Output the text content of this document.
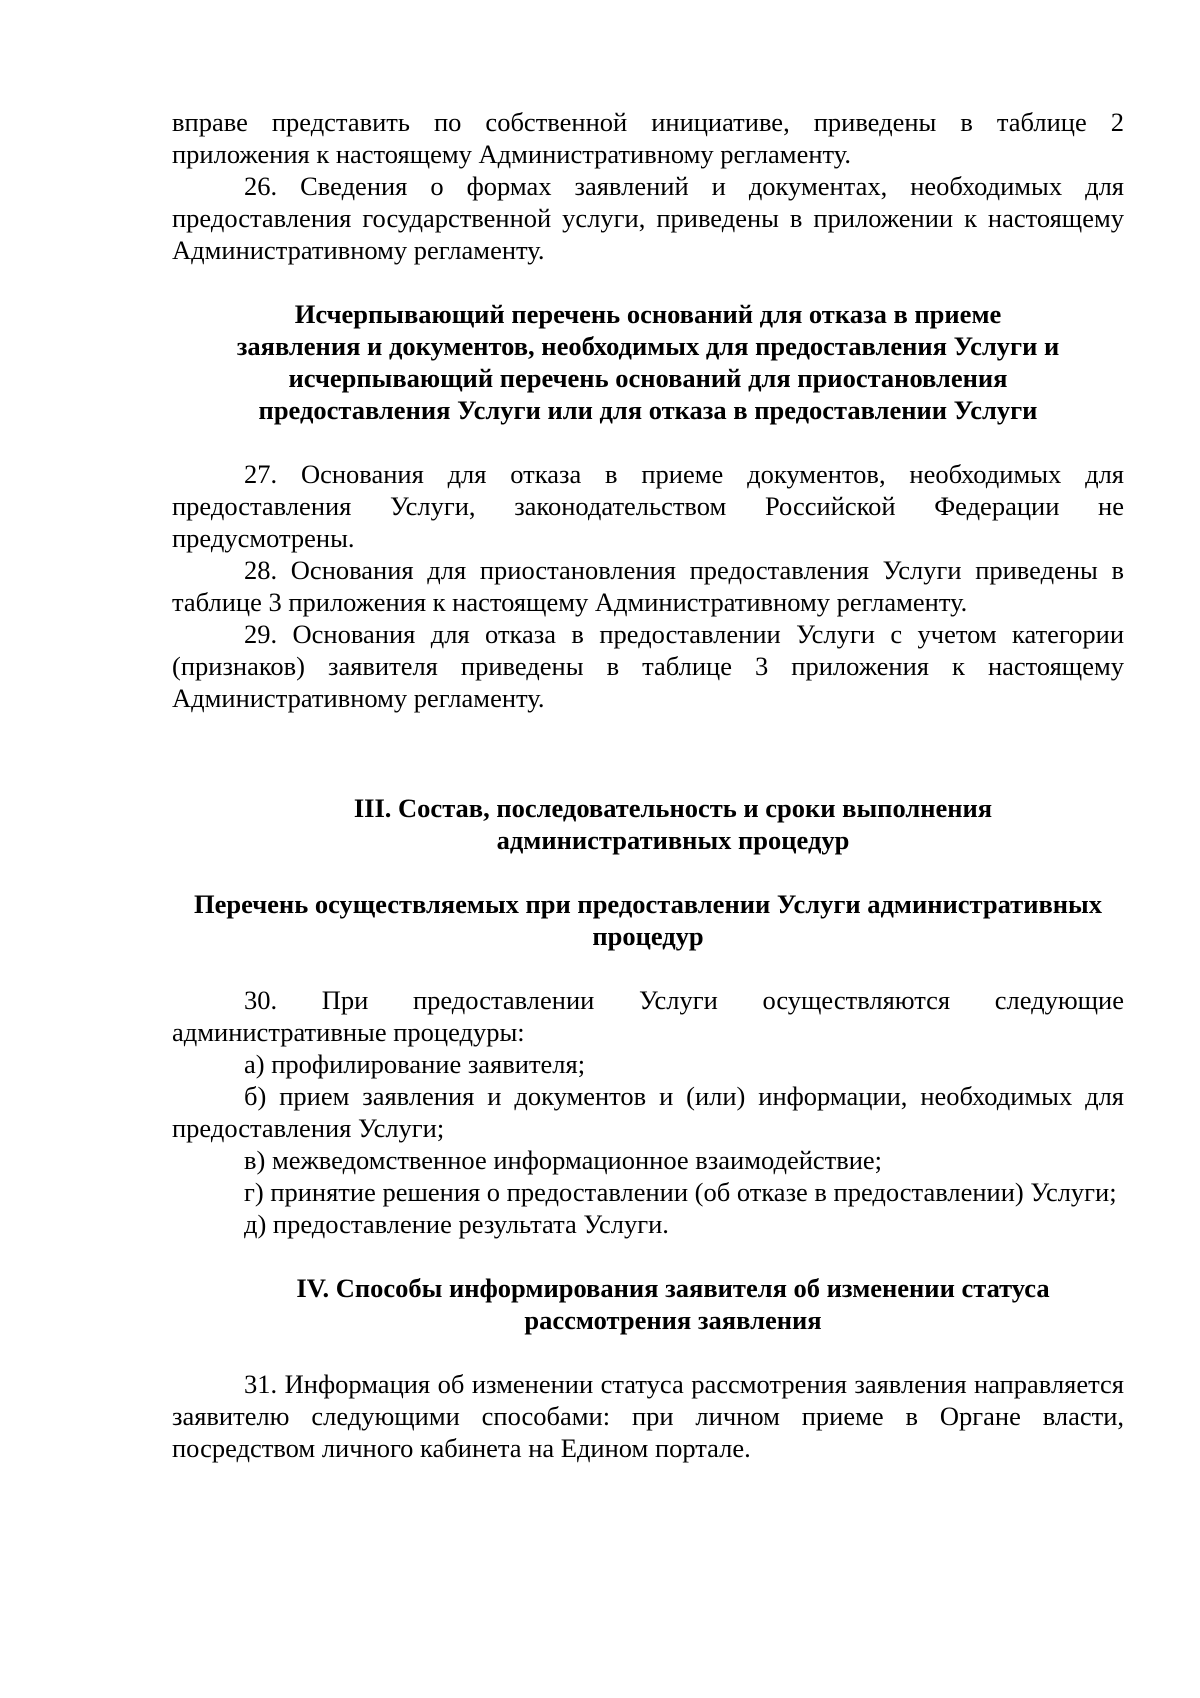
вправе представить по собственной инициативе, приведены в таблице 2 приложения к настоящему Административному регламенту.

26. Сведения о формах заявлений и документах, необходимых для предоставления государственной услуги, приведены в приложении к настоящему Административному регламенту.

Исчерпывающий перечень оснований для отказа в приеме
заявления и документов, необходимых для предоставления Услуги и
исчерпывающий перечень оснований для приостановления
предоставления Услуги или для отказа в предоставлении Услуги

27. Основания для отказа в приеме документов, необходимых для предоставления Услуги, законодательством Российской Федерации не предусмотрены.

28. Основания для приостановления предоставления Услуги приведены в таблице 3 приложения к настоящему Административному регламенту.

29. Основания для отказа в предоставлении Услуги с учетом категории (признаков) заявителя приведены в таблице 3 приложения к настоящему Административному регламенту.

III. Состав, последовательность и сроки выполнения
административных процедур
Перечень осуществляемых при предоставлении Услуги административных
процедур

30. При предоставлении Услуги осуществляются следующие административные процедуры:

а) профилирование заявителя;

б) прием заявления и документов и (или) информации, необходимых для предоставления Услуги;

в) межведомственное информационное взаимодействие;

г) принятие решения о предоставлении (об отказе в предоставлении) Услуги;

д) предоставление результата Услуги.

IV. Способы информирования заявителя об изменении статуса
рассмотрения заявления

31. Информация об изменении статуса рассмотрения заявления направляется заявителю следующими способами: при личном приеме в Органе власти, посредством личного кабинета на Едином портале.
